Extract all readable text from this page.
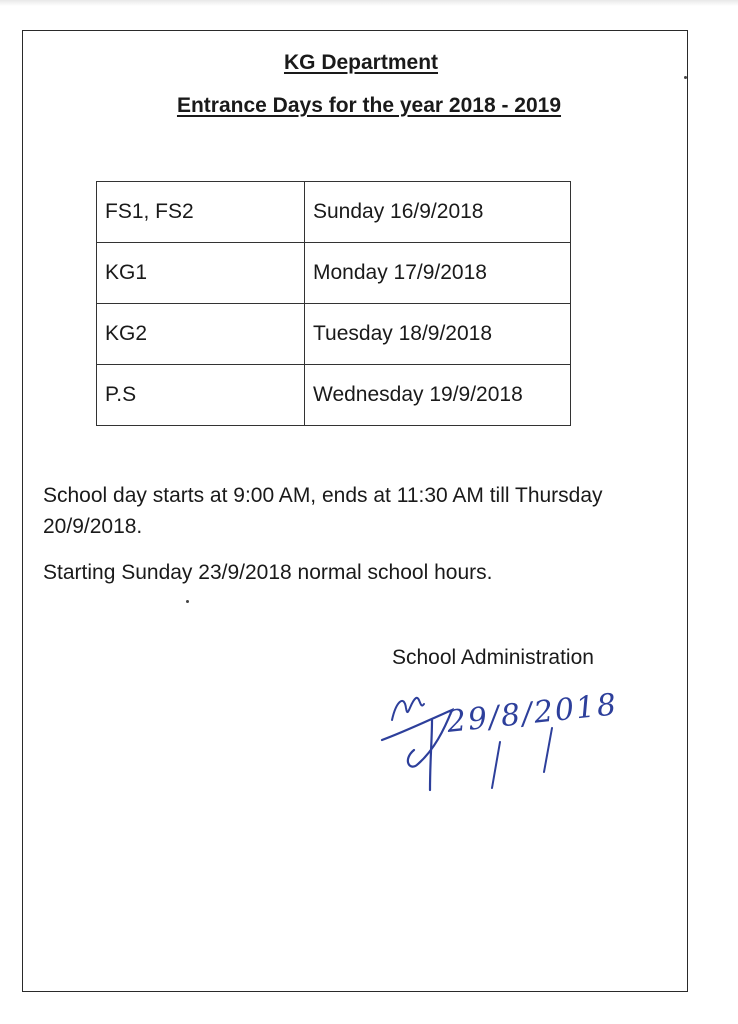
KG Department
Entrance Days for the year 2018 - 2019
FS1, FS2	Sunday 16/9/2018
KG1	Monday 17/9/2018
KG2	Tuesday 18/9/2018
P.S	Wednesday 19/9/2018
School day starts at 9:00 AM, ends at 11:30 AM till Thursday 20/9/2018.
Starting Sunday 23/9/2018 normal school hours.
School Administration
29/8/2018
